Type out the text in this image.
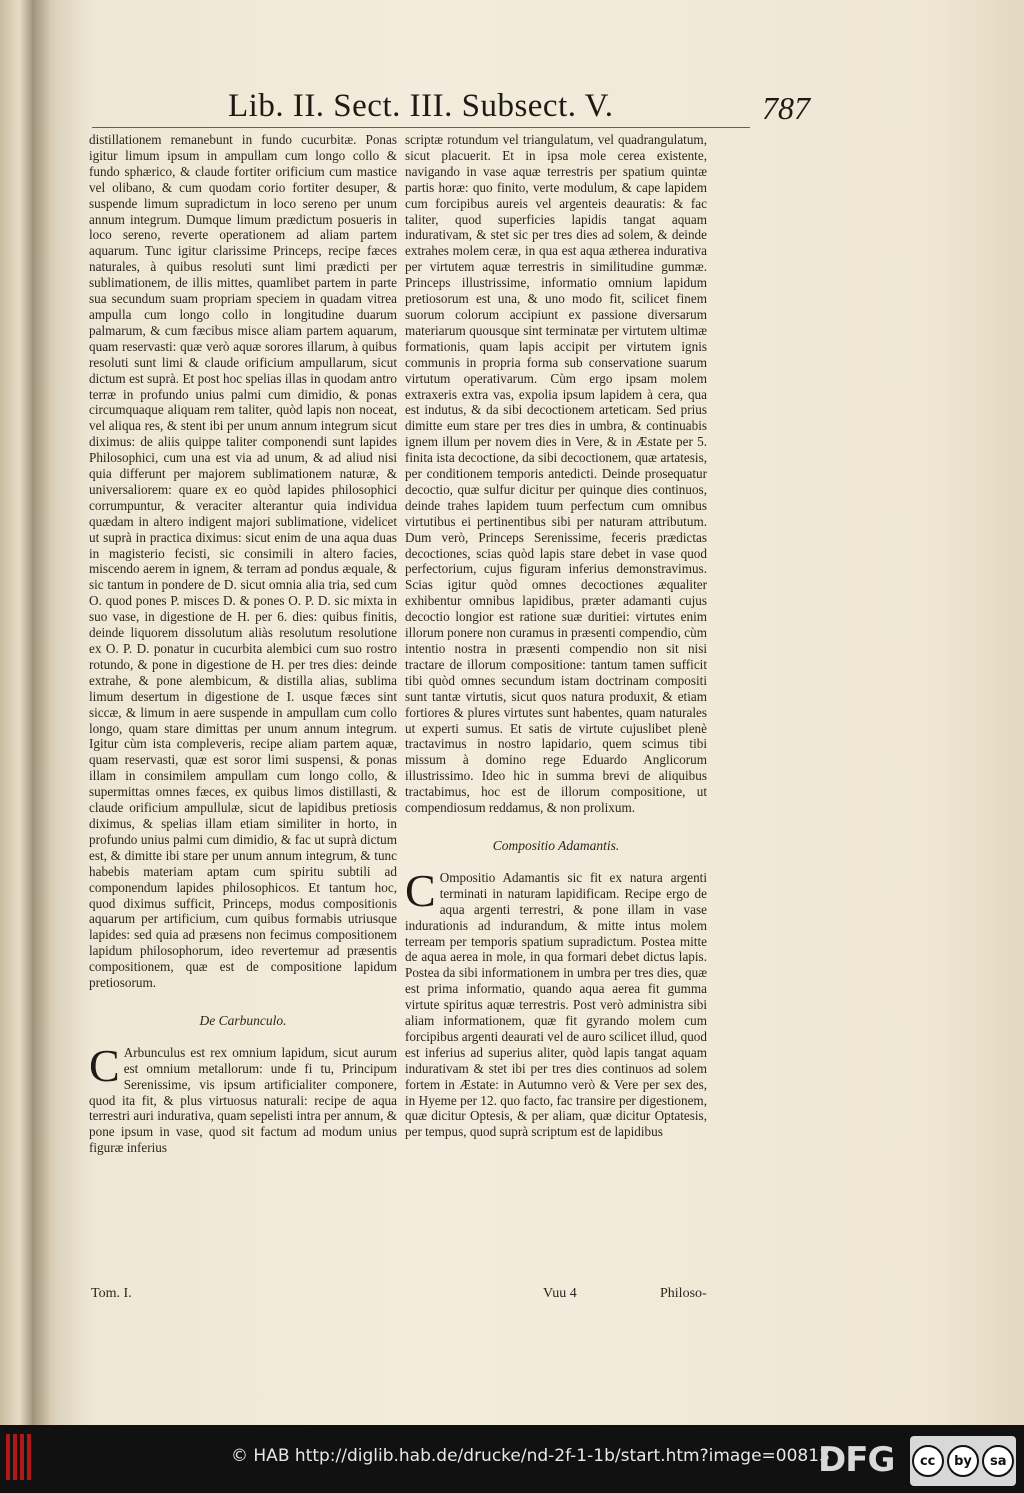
Lib. II. Sect. III. Subsect. V.	787

distillationem remanebunt in fundo cucurbitæ. Ponas igitur limum ipsum in ampullam cum longo collo & fundo sphærico, & claude fortiter orificium cum mastice vel olibano, & cum quodam corio fortiter desuper, & suspende limum supradictum in loco sereno per unum annum integrum. Dumque limum prædictum posueris in loco sereno, reverte operationem ad aliam partem aquarum. Tunc igitur clarissime Princeps, recipe fæces naturales, à quibus resoluti sunt limi prædicti per sublimationem, de illis mittes, quamlibet partem in parte sua secundum suam propriam speciem in quadam vitrea ampulla cum longo collo in longitudine duarum palmarum, & cum fæcibus misce aliam partem aquarum, quam reservasti: quæ verò aquæ sorores illarum, à quibus resoluti sunt limi & claude orificium ampullarum, sicut dictum est suprà. Et post hoc spelias illas in quodam antro terræ in profundo unius palmi cum dimidio, & ponas circumquaque aliquam rem taliter, quòd lapis non noceat, vel aliqua res, & stent ibi per unum annum integrum sicut diximus: de aliis quippe taliter componendi sunt lapides Philosophici, cum una est via ad unum, & ad aliud nisi quia differunt per majorem sublimationem naturæ, & universaliorem: quare ex eo quòd lapides philosophici corrumpuntur, & veraciter alterantur quia individua quædam in altero indigent majori sublimatione, videlicet ut suprà in practica diximus: sicut enim de una aqua duas in magisterio fecisti, sic consimili in altero facies, miscendo aerem in ignem, & terram ad pondus æquale, & sic tantum in pondere de D. sicut omnia alia tria, sed cum O. quod pones P. misces D. & pones O. P. D. sic mixta in suo vase, in digestione de H. per 6. dies: quibus finitis, deinde liquorem dissolutum aliàs resolutum resolutione ex O. P. D. ponatur in cucurbita alembici cum suo rostro rotundo, & pone in digestione de H. per tres dies: deinde extrahe, & pone alembicum, & distilla alias, sublima limum desertum in digestione de I. usque fæces sint siccæ, & limum in aere suspende in ampullam cum collo longo, quam stare dimittas per unum annum integrum. Igitur cùm ista compleveris, recipe aliam partem aquæ, quam reservasti, quæ est soror limi suspensi, & ponas illam in consimilem ampullam cum longo collo, & supermittas omnes fæces, ex quibus limos distillasti, & claude orificium ampullulæ, sicut de lapidibus pretiosis diximus, & spelias illam etiam similiter in horto, in profundo unius palmi cum dimidio, & fac ut suprà dictum est, & dimitte ibi stare per unum annum integrum, & tunc habebis materiam aptam cum spiritu subtili ad componendum lapides philosophicos. Et tantum hoc, quod diximus sufficit, Princeps, modus compositionis aquarum per artificium, cum quibus formabis utriusque lapides: sed quia ad præsens non fecimus compositionem lapidum philosophorum, ideo revertemur ad præsentis compositionem, quæ est de compositione lapidum pretiosorum.

De Carbunculo.

C Arbunculus est rex omnium lapidum, sicut aurum est omnium metallorum: unde fi tu, Principum Serenissime, vis ipsum artificialiter componere, quod ita fit, & plus virtuosus naturali: recipe de aqua terrestri auri indurativa, quam sepelisti intra per annum, & pone ipsum in vase, quod sit factum ad modum unius figuræ inferius

scriptæ rotundum vel triangulatum, vel quadrangulatum, sicut placuerit. Et in ipsa mole cerea existente, navigando in vase aquæ terrestris per spatium quintæ partis horæ: quo finito, verte modulum, & cape lapidem cum forcipibus aureis vel argenteis deauratis: & fac taliter, quod superficies lapidis tangat aquam indurativam, & stet sic per tres dies ad solem, & deinde extrahes molem ceræ, in qua est aqua ætherea indurativa per virtutem aquæ terrestris in similitudine gummæ. Princeps illustrissime, informatio omnium lapidum pretiosorum est una, & uno modo fit, scilicet finem suorum colorum accipiunt ex passione diversarum materiarum quousque sint terminatæ per virtutem ultimæ formationis, quam lapis accipit per virtutem ignis communis in propria forma sub conservatione suarum virtutum operativarum. Cùm ergo ipsam molem extraxeris extra vas, expolia ipsum lapidem à cera, qua est indutus, & da sibi decoctionem arteticam. Sed prius dimitte eum stare per tres dies in umbra, & continuabis ignem illum per novem dies in Vere, & in Æstate per 5. finita ista decoctione, da sibi decoctionem, quæ artatesis, per conditionem temporis antedicti. Deinde prosequatur decoctio, quæ sulfur dicitur per quinque dies continuos, deinde trahes lapidem tuum perfectum cum omnibus virtutibus ei pertinentibus sibi per naturam attributum. Dum verò, Princeps Serenissime, feceris prædictas decoctiones, scias quòd lapis stare debet in vase quod perfectorium, cujus figuram inferius demonstravimus. Scias igitur quòd omnes decoctiones æqualiter exhibentur omnibus lapidibus, præter adamanti cujus decoctio longior est ratione suæ duritiei: virtutes enim illorum ponere non curamus in præsenti compendio, cùm intentio nostra in præsenti compendio non sit nisi tractare de illorum compositione: tantum tamen sufficit tibi quòd omnes secundum istam doctrinam compositi sunt tantæ virtutis, sicut quos natura produxit, & etiam fortiores & plures virtutes sunt habentes, quam naturales ut experti sumus. Et satis de virtute cujuslibet plenè tractavimus in nostro lapidario, quem scimus tibi missum à domino rege Eduardo Anglicorum illustrissimo. Ideo hic in summa brevi de aliquibus tractabimus, hoc est de illorum compositione, ut compendiosum reddamus, & non prolixum.

Compositio Adamantis.

C Ompositio Adamantis sic fit ex natura argenti terminati in naturam lapidificam. Recipe ergo de aqua argenti terrestri, & pone illam in vase indurationis ad indurandum, & mitte intus molem terream per temporis spatium supradictum. Postea mitte de aqua aerea in mole, in qua formari debet dictus lapis. Postea da sibi informationem in umbra per tres dies, quæ est prima informatio, quando aqua aerea fit gumma virtute spiritus aquæ terrestris. Post verò administra sibi aliam informationem, quæ fit gyrando molem cum forcipibus argenti deaurati vel de auro scilicet illud, quod est inferius ad superius aliter, quòd lapis tangat aquam indurativam & stet ibi per tres dies continuos ad solem fortem in Æstate: in Autumno verò & Vere per sex des, in Hyeme per 12. quo facto, fac transire per digestionem, quæ dicitur Optesis, & per aliam, quæ dicitur Optatesis, per tempus, quod suprà scriptum est de lapidibus

Tom. I.	Vuu 4	Philoso-
© HAB http://diglib.hab.de/drucke/nd-2f-1-1b/start.htm?image=00813
DFG	cc	by	sa
